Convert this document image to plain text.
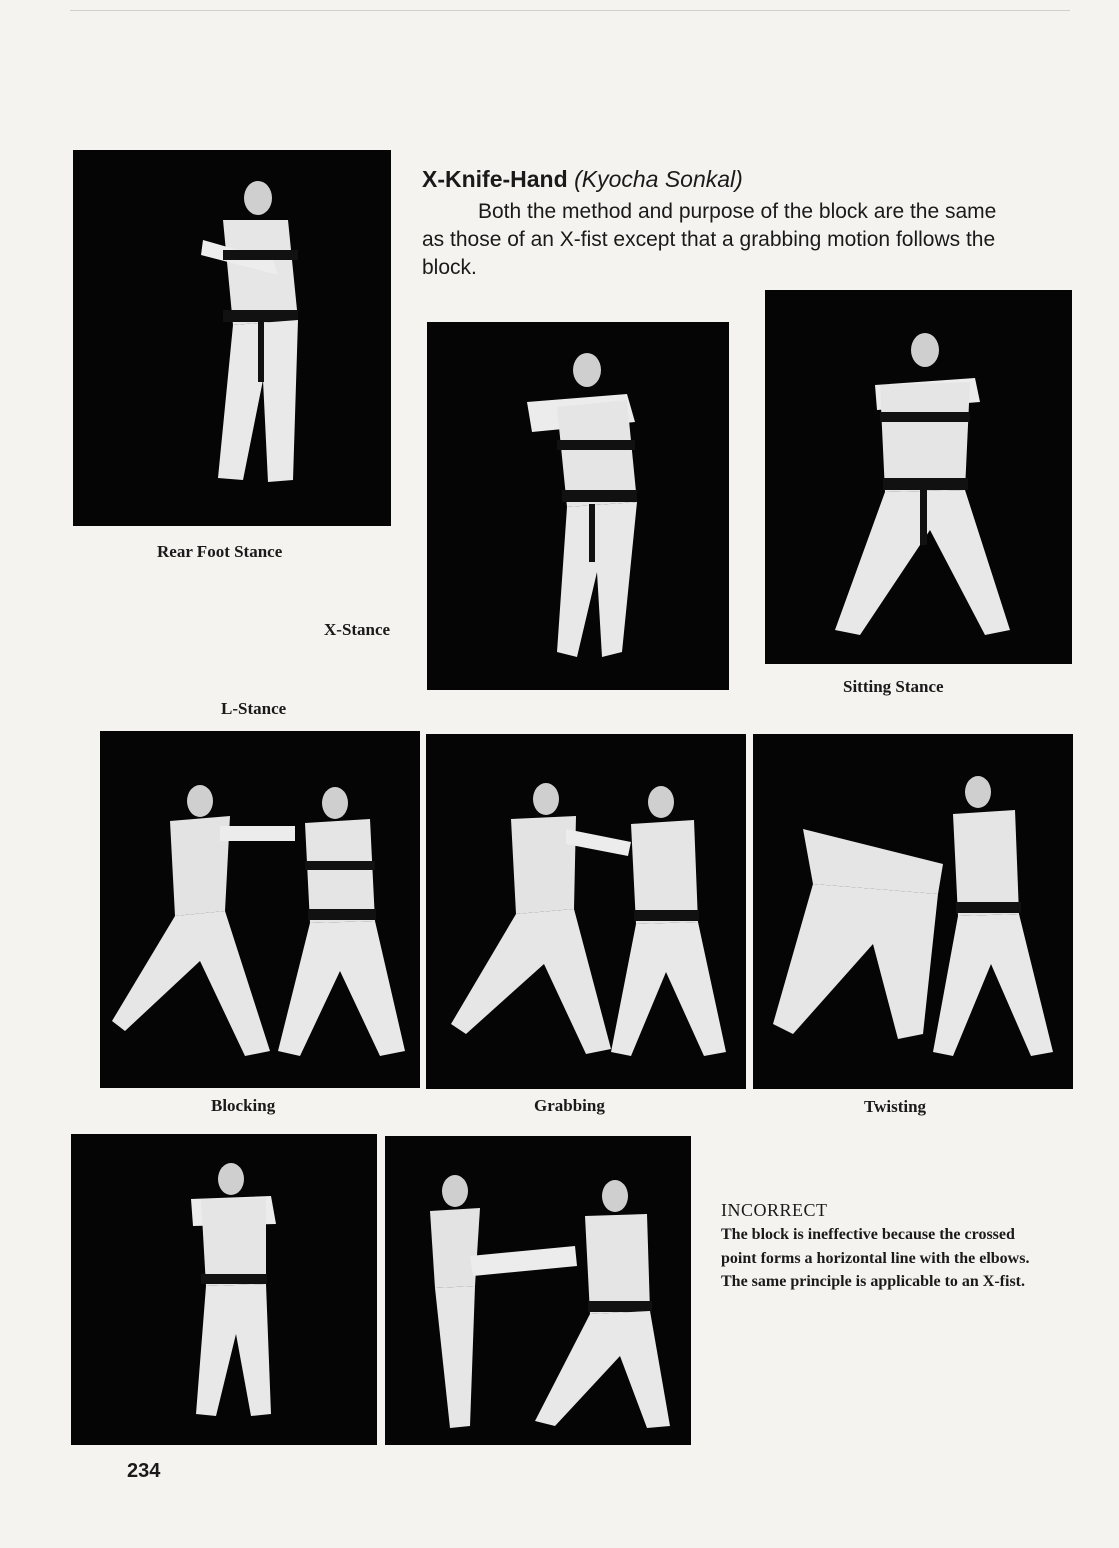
X-Knife-Hand (Kyocha Sonkal)
Both the method and purpose of the block are the same as those of an X-fist except that a grabbing motion follows the block.
Rear Foot Stance
X-Stance
Sitting Stance
L-Stance
Blocking	Grabbing	Twisting
INCORRECT
The block is ineffective because the crossed point forms a horizontal line with the elbows. The same principle is applicable to an X-fist.
234
